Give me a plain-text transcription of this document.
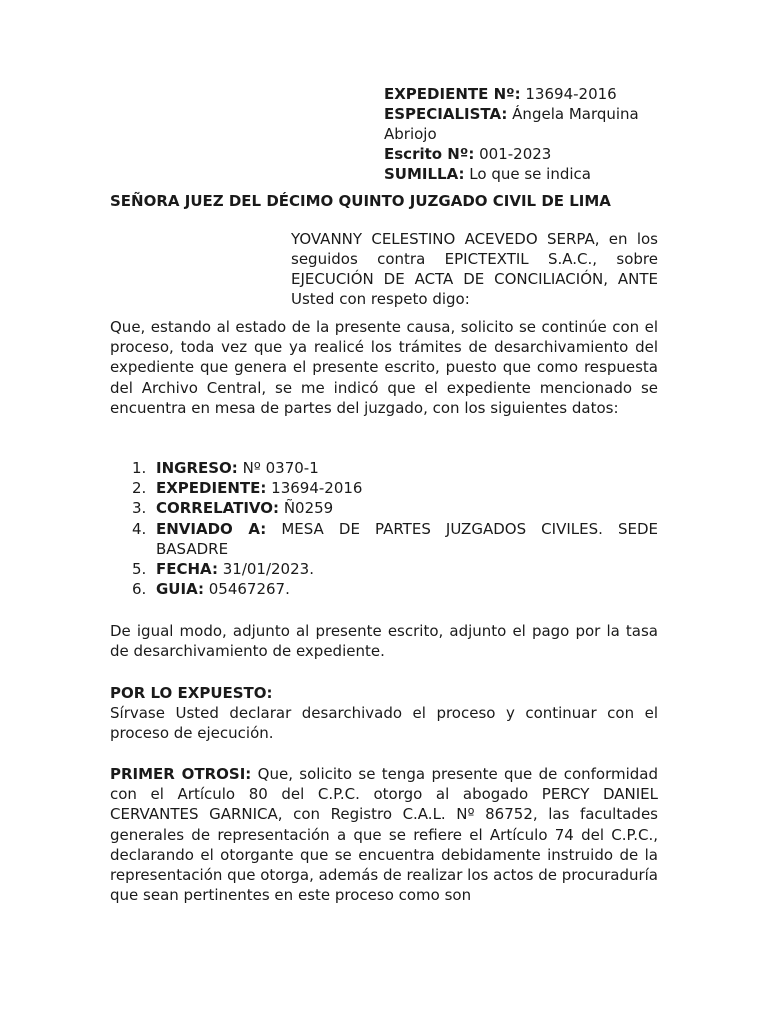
EXPEDIENTE Nº: 13694-2016
ESPECIALISTA: Ángela Marquina
Abriojo
Escrito Nº: 001-2023
SUMILLA: Lo que se indica
SEÑORA JUEZ DEL DÉCIMO QUINTO JUZGADO CIVIL DE LIMA
YOVANNY CELESTINO ACEVEDO SERPA, en los seguidos contra EPICTEXTIL S.A.C., sobre EJECUCIÓN DE ACTA DE CONCILIACIÓN, ANTE Usted con respeto digo:
Que, estando al estado de la presente causa, solicito se continúe con el proceso, toda vez que ya realicé los trámites de desarchivamiento del expediente que genera el presente escrito, puesto que como respuesta del Archivo Central, se me indicó que el expediente mencionado se encuentra en mesa de partes del juzgado, con los siguientes datos:
1. INGRESO: Nº 0370-1
2. EXPEDIENTE: 13694-2016
3. CORRELATIVO: Ñ0259
4. ENVIADO A: MESA DE PARTES JUZGADOS CIVILES. SEDE BASADRE
5. FECHA: 31/01/2023.
6. GUIA: 05467267.
De igual modo, adjunto al presente escrito, adjunto el pago por la tasa de desarchivamiento de expediente.
POR LO EXPUESTO:
Sírvase Usted declarar desarchivado el proceso y continuar con el proceso de ejecución.
PRIMER OTROSI: Que, solicito se tenga presente que de conformidad con el Artículo 80 del C.P.C. otorgo al abogado PERCY DANIEL CERVANTES GARNICA, con Registro C.A.L. Nº 86752, las facultades generales de representación a que se refiere el Artículo 74 del C.P.C., declarando el otorgante que se encuentra debidamente instruido de la representación que otorga, además de realizar los actos de procuraduría que sean pertinentes en este proceso como son
